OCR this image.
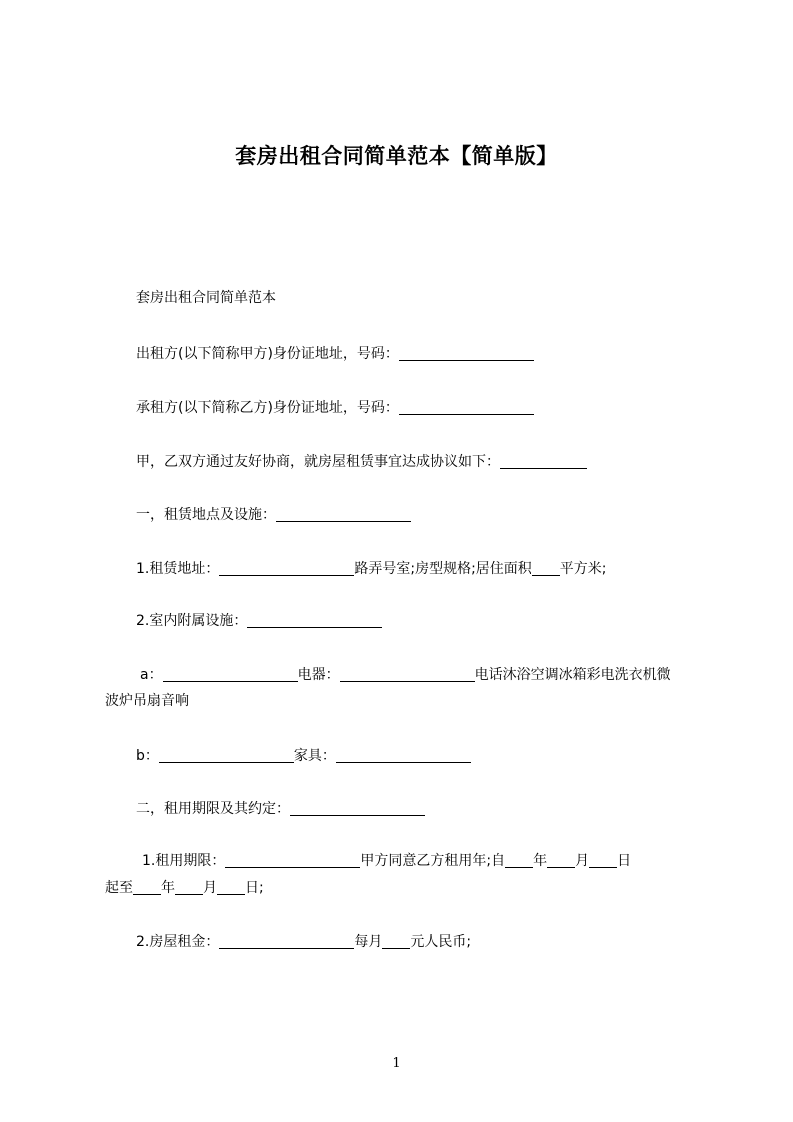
套房出租合同简单范本【简单版】
套房出租合同简单范本
出租方(以下简称甲方)身份证地址，号码：
承租方(以下简称乙方)身份证地址，号码：
甲，乙双方通过友好协商，就房屋租赁事宜达成协议如下：
一，租赁地点及设施：
1.租赁地址：	路弄号室;房型规格;居住面积 平方米;
2.室内附属设施：
a：	电器：	电话沐浴空调冰箱彩电洗衣机微
波炉吊扇音响
b：	家具：
二，租用期限及其约定：
1.租用期限：	甲方同意乙方租用年;自 年 月 日
起至 年 月 日;
2.房屋租金：	每月 元人民币;
1
